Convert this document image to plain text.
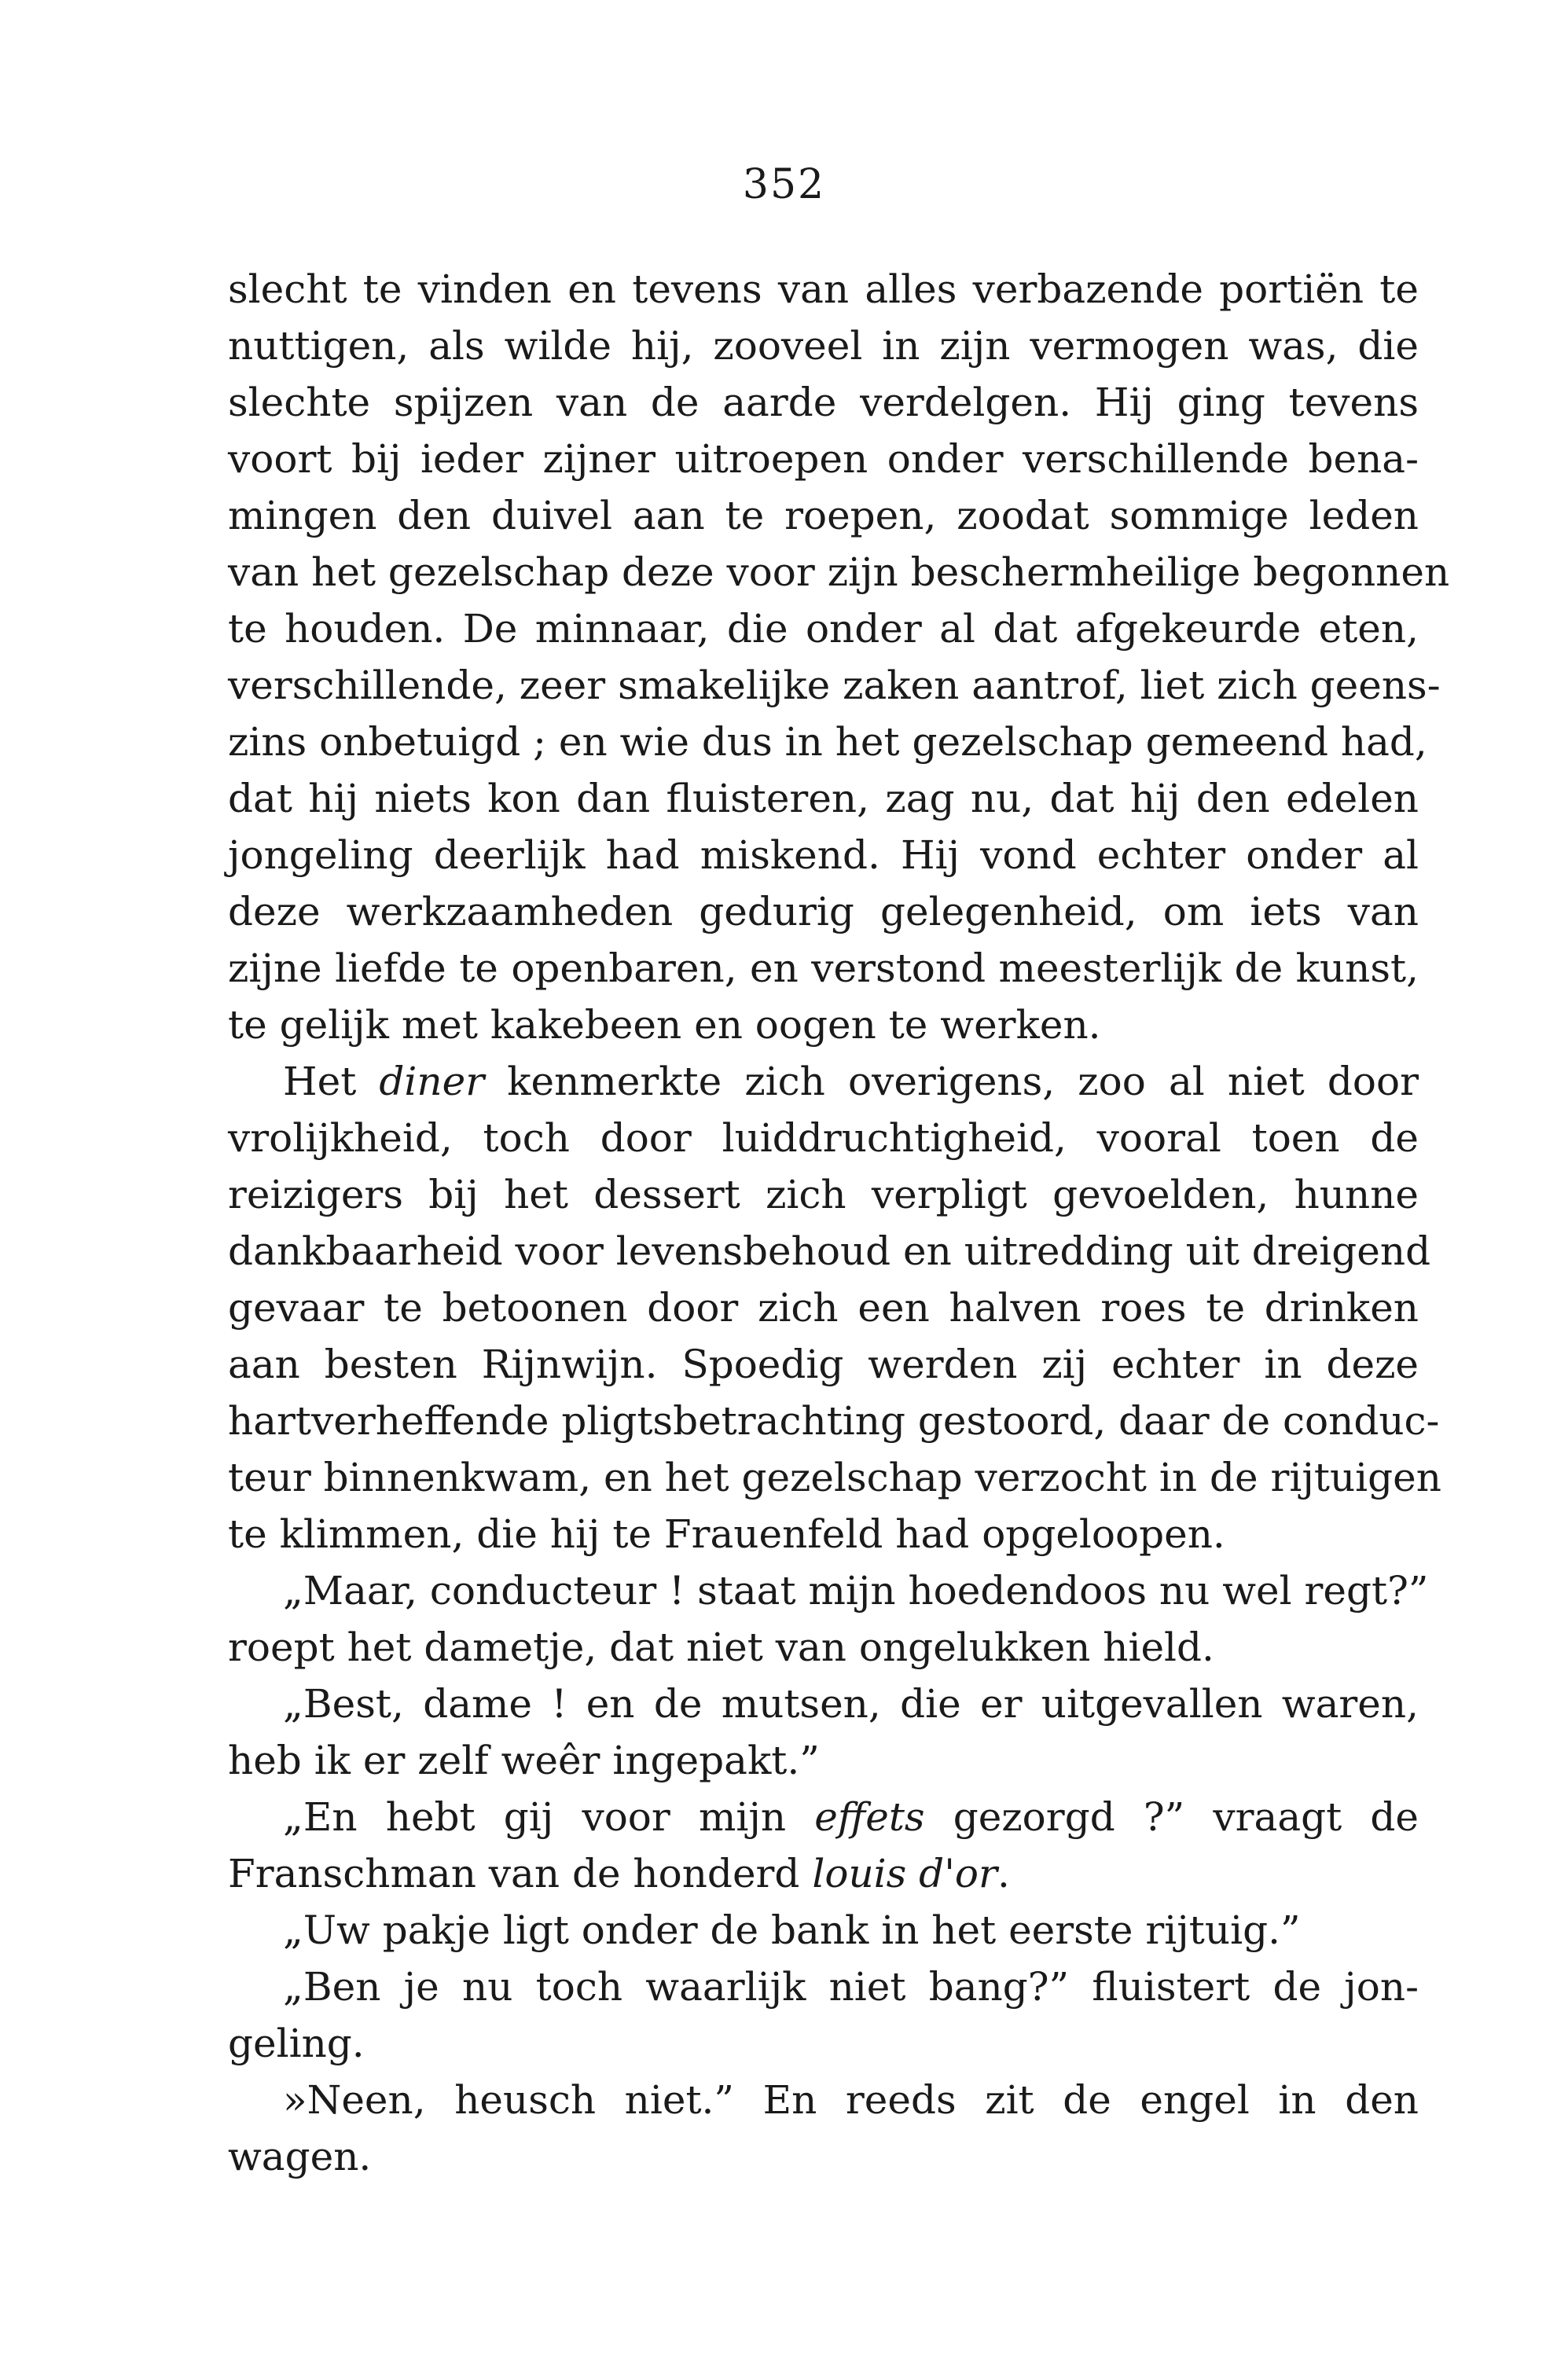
352
slecht te vinden en tevens van alles verbazende portiën te
nuttigen, als wilde hij, zooveel in zijn vermogen was, die
slechte spijzen van de aarde verdelgen. Hij ging tevens
voort bij ieder zijner uitroepen onder verschillende bena-
mingen den duivel aan te roepen, zoodat sommige leden
van het gezelschap deze voor zijn beschermheilige begonnen
te houden. De minnaar, die onder al dat afgekeurde eten,
verschillende, zeer smakelijke zaken aantrof, liet zich geens-
zins onbetuigd ; en wie dus in het gezelschap gemeend had,
dat hij niets kon dan fluisteren, zag nu, dat hij den edelen
jongeling deerlijk had miskend. Hij vond echter onder al
deze werkzaamheden gedurig gelegenheid, om iets van
zijne liefde te openbaren, en verstond meesterlijk de kunst,
te gelijk met kakebeen en oogen te werken.
Het diner kenmerkte zich overigens, zoo al niet door
vrolijkheid, toch door luiddruchtigheid, vooral toen de
reizigers bij het dessert zich verpligt gevoelden, hunne
dankbaarheid voor levensbehoud en uitredding uit dreigend
gevaar te betoonen door zich een halven roes te drinken
aan besten Rijnwijn. Spoedig werden zij echter in deze
hartverheffende pligtsbetrachting gestoord, daar de conduc-
teur binnenkwam, en het gezelschap verzocht in de rijtuigen
te klimmen, die hij te Frauenfeld had opgeloopen.
„Maar, conducteur ! staat mijn hoedendoos nu wel regt?”
roept het dametje, dat niet van ongelukken hield.
„Best, dame ! en de mutsen, die er uitgevallen waren,
heb ik er zelf weêr ingepakt.”
„En hebt gij voor mijn effets gezorgd ?” vraagt de
Franschman van de honderd louis d'or.
„Uw pakje ligt onder de bank in het eerste rijtuig.”
„Ben je nu toch waarlijk niet bang?” fluistert de jon-
geling.
»Neen, heusch niet.” En reeds zit de engel in den
wagen.
